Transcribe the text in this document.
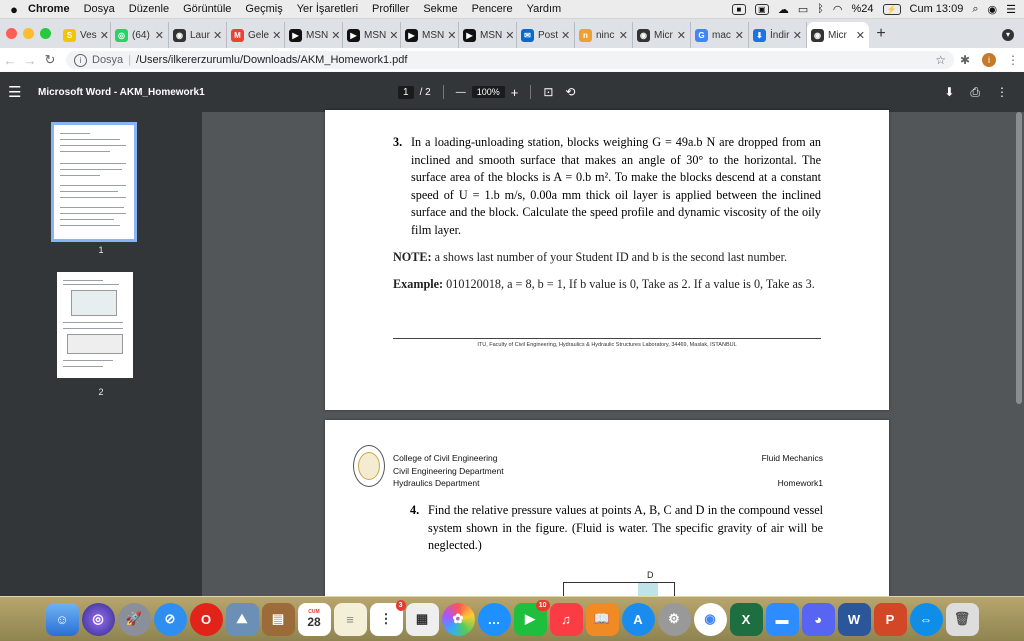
● Chrome Dosya Düzenle Görüntüle Geçmiş Yer İşaretleri Profiller Sekme Pencere Yardım	■	▣ ☁ ▭ ᛒ ◠ %24	⚡	Cum 13:09 ⌕ ◉ ☰
S Ves ✕	◎ (64) ✕	◉ Laur ✕	M Gele ✕	▶ MSN ✕	▶ MSN ✕	▶ MSN ✕	▶ MSN ✕	✉ Post ✕	n ninc ✕	◉ Micr ✕	G mac ✕	⬇ İndir ✕	◉ Micr ✕ +	▾
← → ↻	i Dosya | /Users/ilkererzurumlu/Downloads/AKM_Homework1.pdf	☆	✱	i	⋮
☰	Microsoft Word - AKM_Homework1	1	/ 2	—	100% + ⊡ ⟲	⬇ ⎙ ⋮
1
2
3. In a loading-unloading station, blocks weighing G = 49a.b N are dropped from an inclined and smooth surface that makes an angle of 30° to the horizontal. The surface area of the blocks is A = 0.b m². To make the blocks descend at a constant speed of U = 1.b m/s, 0.00a mm thick oil layer is applied between the inclined surface and the block. Calculate the speed profile and dynamic viscosity of the oily film layer.
NOTE: a shows last number of your Student ID and b is the second last number.
Example: 010120018, a = 8, b = 1, If b value is 0, Take as 2. If a value is 0, Take as 3.
ITU, Faculty of Civil Engineering, Hydraulics & Hydraulic Structures Laboratory, 34469, Maslak, ISTANBUL
College of Civil Engineering
Civil Engineering Department
Hydraulics Department
Fluid Mechanics
Homework1
4. Find the relative pressure values at points A, B, C and D in the compound vessel system shown in the figure. (Fluid is water. The specific gravity of air will be neglected.)
D
☺	◎	🚀	⊘	O	⛰	▤	CUM
28	≡	⋮
3
▦	✿	…	▶
10
♫	📖	A	⚙	◉	X	▬	◕	W	P	⇔	🗑
